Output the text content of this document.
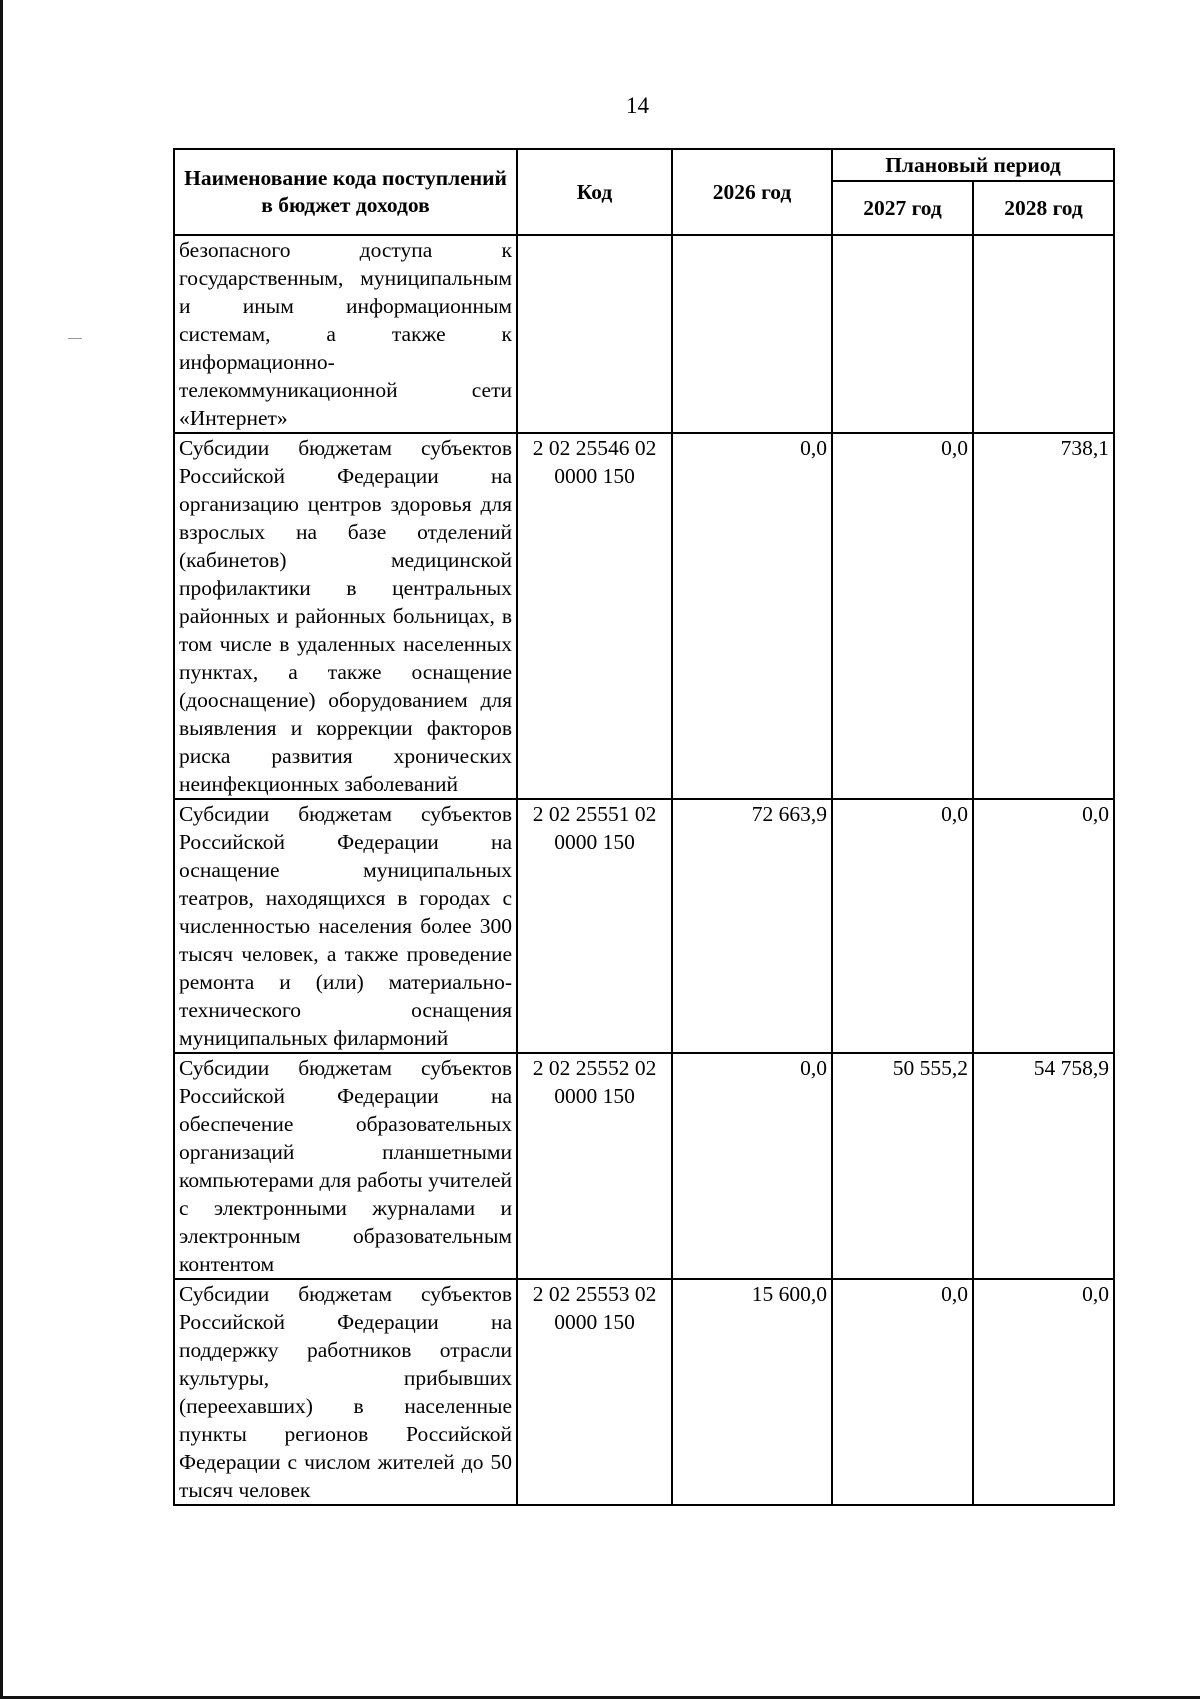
14
Наименование кода поступлений в бюджет доходов	Код	2026 год	Плановый период	
			2027 год	2028 год
безопасного доступа к государственным, муниципальным и иным информационным системам, а также к информационно-телекоммуникационной сети «Интернет»				
Субсидии бюджетам субъектов Российской Федерации на организацию центров здоровья для взрослых на базе отделений (кабинетов) медицинской профилактики в центральных районных и районных больницах, в том числе в удаленных населенных пунктах, а также оснащение (дооснащение) оборудованием для выявления и коррекции факторов риска развития хронических неинфекционных заболеваний	2 02 25546 02 0000 150	0,0	0,0	738,1
Субсидии бюджетам субъектов Российской Федерации на оснащение муниципальных театров, находящихся в городах с численностью населения более 300 тысяч человек, а также проведение ремонта и (или) материально-технического оснащения муниципальных филармоний	2 02 25551 02 0000 150	72 663,9	0,0	0,0
Субсидии бюджетам субъектов Российской Федерации на обеспечение образовательных организаций планшетными компьютерами для работы учителей с электронными журналами и электронным образовательным контентом	2 02 25552 02 0000 150	0,0	50 555,2	54 758,9
Субсидии бюджетам субъектов Российской Федерации на поддержку работников отрасли культуры, прибывших (переехавших) в населенные пункты регионов Российской Федерации с числом жителей до 50 тысяч человек	2 02 25553 02 0000 150	15 600,0	0,0	0,0
